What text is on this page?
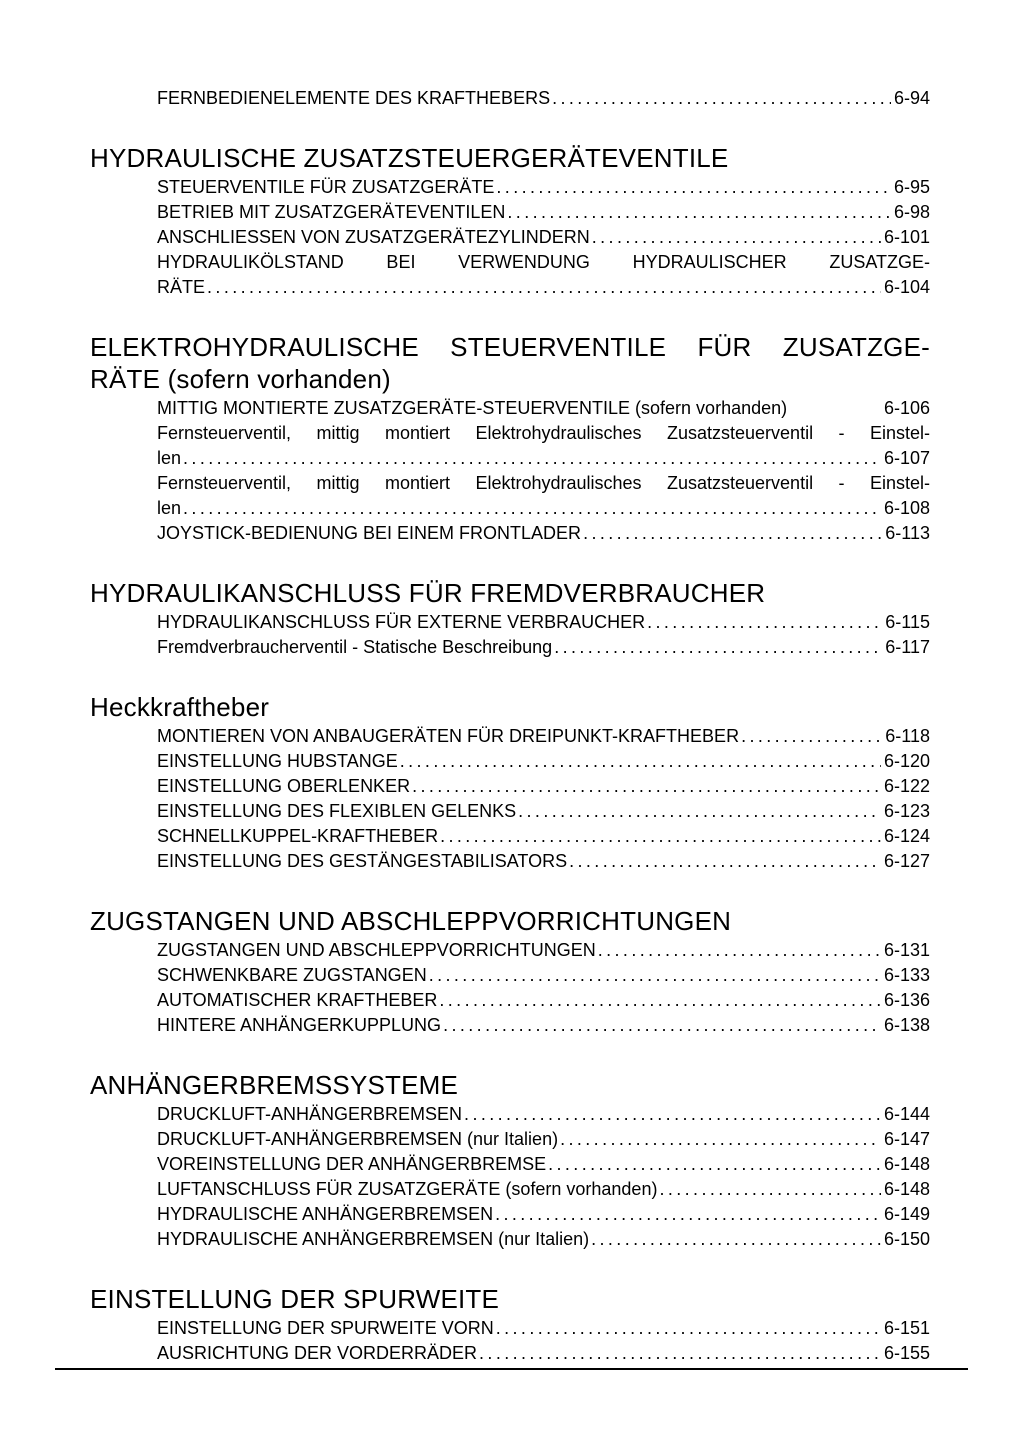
FERNBEDIENELEMENTE DES KRAFTHEBERS .....	6-94
HYDRAULISCHE ZUSATZSTEUERGERÄTEVENTILE
STEUERVENTILE FÜR ZUSATZGERÄTE .....	6-95
BETRIEB MIT ZUSATZGERÄTEVENTILEN .....	6-98
ANSCHLIESSEN VON ZUSATZGERÄTEZYLINDERN .....	6-101
HYDRAULIKÖLSTAND BEI VERWENDUNG HYDRAULISCHER ZUSATZGE-
RÄTE .....	6-104
ELEKTROHYDRAULISCHE STEUERVENTILE FÜR ZUSATZGE-
RÄTE (sofern vorhanden)
MITTIG MONTIERTE ZUSATZGERÄTE-STEUERVENTILE (sofern vorhanden)	6-106
Fernsteuerventil, mittig montiert Elektrohydraulisches Zusatzsteuerventil - Einstel-
len .....	6-107
Fernsteuerventil, mittig montiert Elektrohydraulisches Zusatzsteuerventil - Einstel-
len .....	6-108
JOYSTICK-BEDIENUNG BEI EINEM FRONTLADER .....	6-113
HYDRAULIKANSCHLUSS FÜR FREMDVERBRAUCHER
HYDRAULIKANSCHLUSS FÜR EXTERNE VERBRAUCHER .....	6-115
Fremdverbraucherventil - Statische Beschreibung .....	6-117
Heckkraftheber
MONTIEREN VON ANBAUGERÄTEN FÜR DREIPUNKT-KRAFTHEBER .....	6-118
EINSTELLUNG HUBSTANGE .....	6-120
EINSTELLUNG OBERLENKER .....	6-122
EINSTELLUNG DES FLEXIBLEN GELENKS .....	6-123
SCHNELLKUPPEL-KRAFTHEBER .....	6-124
EINSTELLUNG DES GESTÄNGESTABILISATORS .....	6-127
ZUGSTANGEN UND ABSCHLEPPVORRICHTUNGEN
ZUGSTANGEN UND ABSCHLEPPVORRICHTUNGEN .....	6-131
SCHWENKBARE ZUGSTANGEN .....	6-133
AUTOMATISCHER KRAFTHEBER .....	6-136
HINTERE ANHÄNGERKUPPLUNG .....	6-138
ANHÄNGERBREMSSYSTEME
DRUCKLUFT-ANHÄNGERBREMSEN .....	6-144
DRUCKLUFT-ANHÄNGERBREMSEN (nur Italien) .....	6-147
VOREINSTELLUNG DER ANHÄNGERBREMSE .....	6-148
LUFTANSCHLUSS FÜR ZUSATZGERÄTE (sofern vorhanden) .....	6-148
HYDRAULISCHE ANHÄNGERBREMSEN .....	6-149
HYDRAULISCHE ANHÄNGERBREMSEN (nur Italien) .....	6-150
EINSTELLUNG DER SPURWEITE
EINSTELLUNG DER SPURWEITE VORN .....	6-151
AUSRICHTUNG DER VORDERRÄDER .....	6-155
